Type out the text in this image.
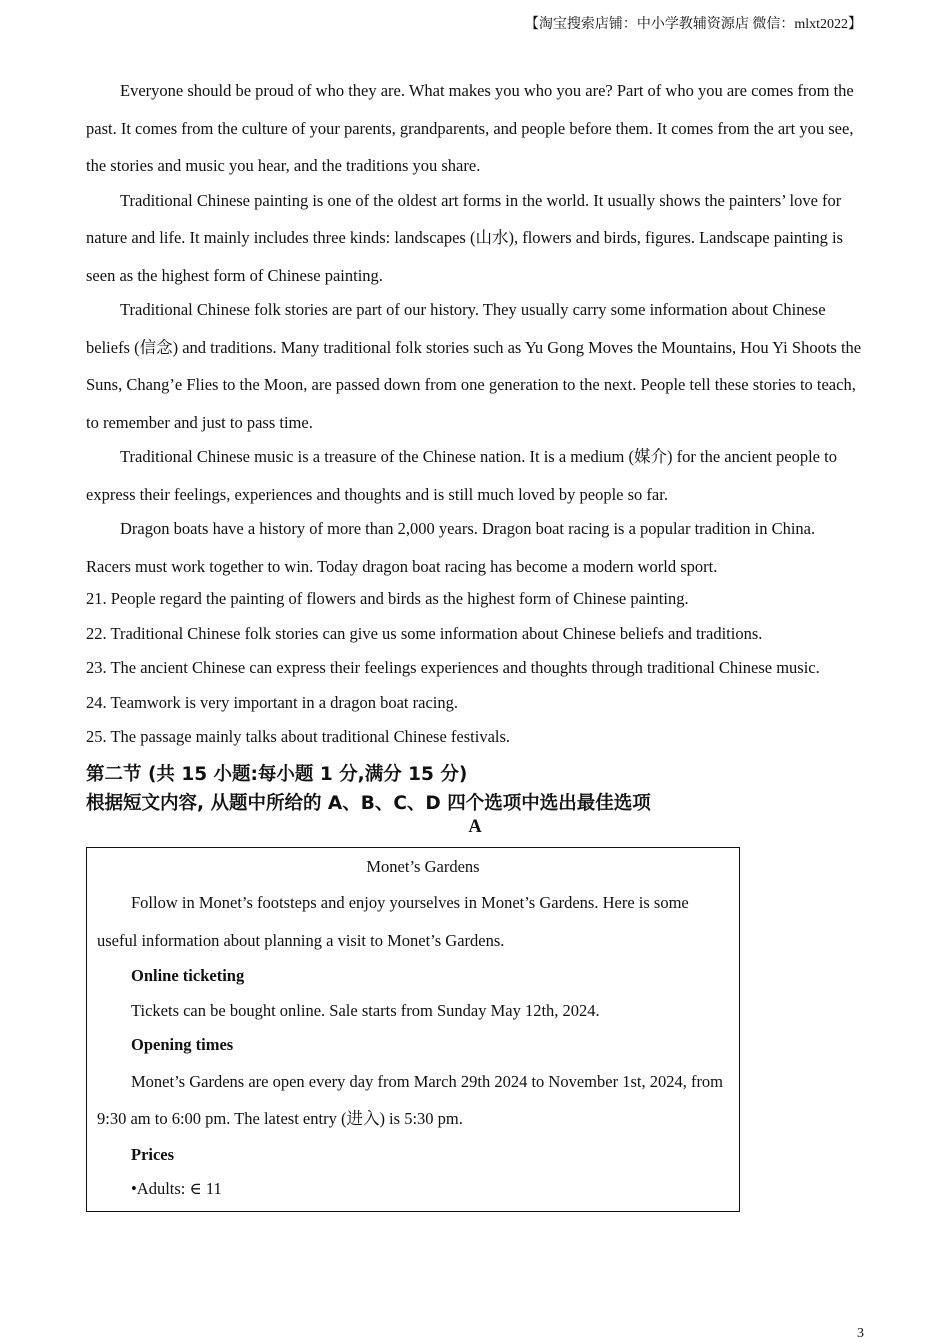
【淘宝搜索店铺：中小学教辅资源店 微信：mlxt2022】

Everyone should be proud of who they are. What makes you who you are? Part of who you are comes from the past. It comes from the culture of your parents, grandparents, and people before them. It comes from the art you see, the stories and music you hear, and the traditions you share.

Traditional Chinese painting is one of the oldest art forms in the world. It usually shows the painters’ love for nature and life. It mainly includes three kinds: landscapes (山水), flowers and birds, figures. Landscape painting is seen as the highest form of Chinese painting.

Traditional Chinese folk stories are part of our history. They usually carry some information about Chinese beliefs (信念) and traditions. Many traditional folk stories such as Yu Gong Moves the Mountains, Hou Yi Shoots the Suns, Chang’e Flies to the Moon, are passed down from one generation to the next. People tell these stories to teach, to remember and just to pass time.

Traditional Chinese music is a treasure of the Chinese nation. It is a medium (媒介) for the ancient people to express their feelings, experiences and thoughts and is still much loved by people so far.

Dragon boats have a history of more than 2,000 years. Dragon boat racing is a popular tradition in China. Racers must work together to win. Today dragon boat racing has become a modern world sport.

21. People regard the painting of flowers and birds as the highest form of Chinese painting.
22. Traditional Chinese folk stories can give us some information about Chinese beliefs and traditions.
23. The ancient Chinese can express their feelings experiences and thoughts through traditional Chinese music.
24. Teamwork is very important in a dragon boat racing.
25. The passage mainly talks about traditional Chinese festivals.
第二节 (共 15 小题:每小题 1 分,满分 15 分)
根据短文内容, 从题中所给的 A、B、C、D 四个选项中选出最佳选项
A
Monet’s Gardens
Follow in Monet’s footsteps and enjoy yourselves in Monet’s Gardens. Here is some useful information about planning a visit to Monet’s Gardens.
Online ticketing
Tickets can be bought online. Sale starts from Sunday May 12th, 2024.
Opening times
Monet’s Gardens are open every day from March 29th 2024 to November 1st, 2024, from 9:30 am to 6:00 pm. The latest entry (进入) is 5:30 pm.
Prices
•Adults: ∈ 11
3
